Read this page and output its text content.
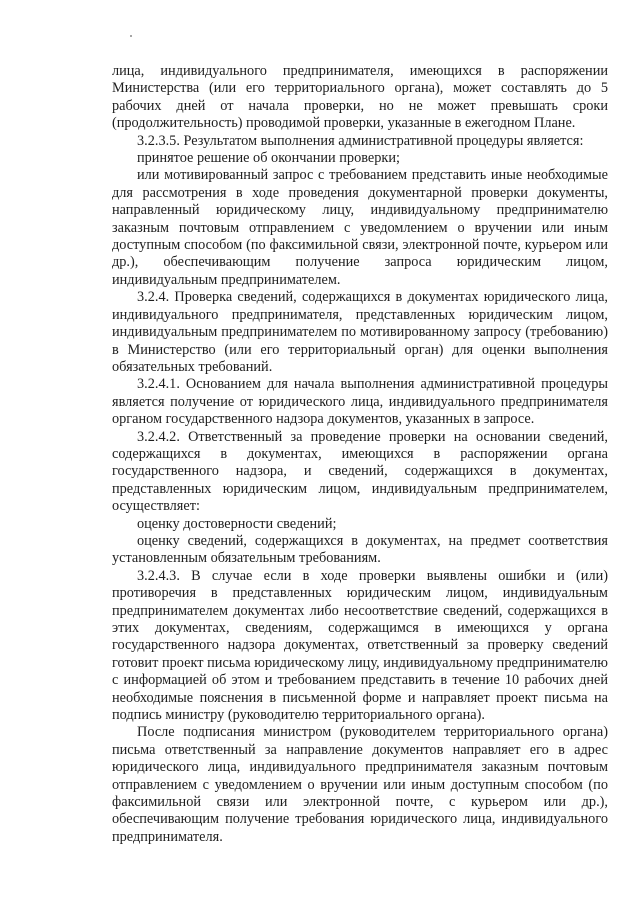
лица, индивидуального предпринимателя, имеющихся в распоряжении Министерства (или его территориального органа), может составлять до 5 рабочих дней от начала проверки, но не может превышать сроки (продолжительность) проводимой проверки, указанные в ежегодном Плане.

3.2.3.5. Результатом выполнения административной процедуры является:

принятое решение об окончании проверки;

или мотивированный запрос с требованием представить иные необходимые для рассмотрения в ходе проведения документарной проверки документы, направленный юридическому лицу, индивидуальному предпринимателю заказным почтовым отправлением с уведомлением о вручении или иным доступным способом (по факсимильной связи, электронной почте, курьером или др.), обеспечивающим получение запроса юридическим лицом, индивидуальным предпринимателем.

3.2.4. Проверка сведений, содержащихся в документах юридического лица, индивидуального предпринимателя, представленных юридическим лицом, индивидуальным предпринимателем по мотивированному запросу (требованию) в Министерство (или его территориальный орган) для оценки выполнения обязательных требований.

3.2.4.1. Основанием для начала выполнения административной процедуры является получение от юридического лица, индивидуального предпринимателя органом государственного надзора документов, указанных в запросе.

3.2.4.2. Ответственный за проведение проверки на основании сведений, содержащихся в документах, имеющихся в распоряжении органа государственного надзора, и сведений, содержащихся в документах, представленных юридическим лицом, индивидуальным предпринимателем, осуществляет:

оценку достоверности сведений;

оценку сведений, содержащихся в документах, на предмет соответствия установленным обязательным требованиям.

3.2.4.3. В случае если в ходе проверки выявлены ошибки и (или) противоречия в представленных юридическим лицом, индивидуальным предпринимателем документах либо несоответствие сведений, содержащихся в этих документах, сведениям, содержащимся в имеющихся у органа государственного надзора документах, ответственный за проверку сведений готовит проект письма юридическому лицу, индивидуальному предпринимателю с информацией об этом и требованием представить в течение 10 рабочих дней необходимые пояснения в письменной форме и направляет проект письма на подпись министру (руководителю территориального органа).

После подписания министром (руководителем территориального органа) письма ответственный за направление документов направляет его в адрес юридического лица, индивидуального предпринимателя заказным почтовым отправлением с уведомлением о вручении или иным доступным способом (по факсимильной связи или электронной почте, с курьером или др.), обеспечивающим получение требования юридического лица, индивидуального предпринимателя.
